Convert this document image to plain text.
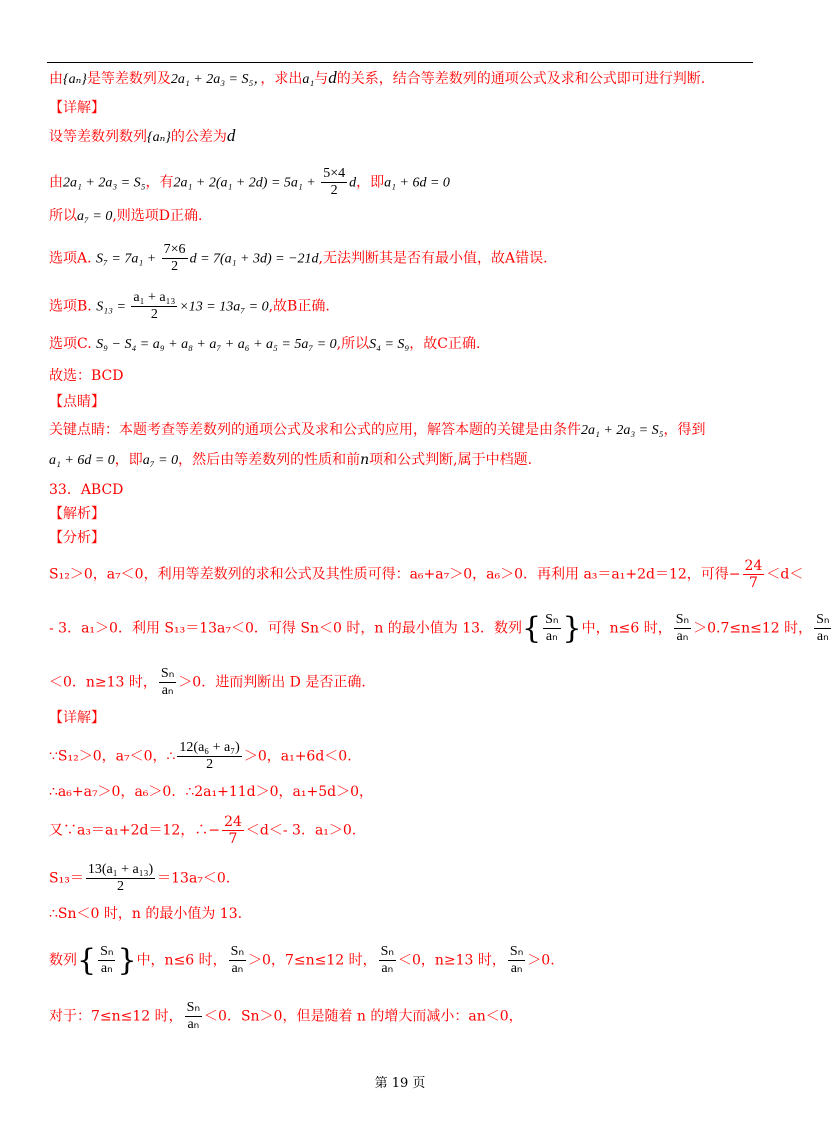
由{aₙ}是等差数列及2a₁ + 2a₃ = S₅，，求出a₁与d的关系，结合等差数列的通项公式及求和公式即可进行判断.
【详解】
设等差数列数列{aₙ}的公差为d
由2a₁ + 2a₃ = S₅，有$2a_1 + 2(a_1 + 2d) = 5a_1 + \frac{5\times 4}{2}$ d，即a₁ + 6d = 0
所以a₇ = 0,则选项D正确.
选项A. $S_7 = 7a_1 + \frac{7\times 6}{2}$ d = 7(a₁ + 3d) = −21d,无法判断其是否有最小值，故A错误.
选项B. $S_{13} = \frac{\text{a₁ + a₁₃}}{2} \times 13 = 13a_7 = 0$,故B正确.
选项C. S₉ − S₄ = a₉ + a₈ + a₇ + a₆ + a₅ = 5a₇ = 0,所以S₄ = S₉，故C正确.
故选：BCD
【点睛】
关键点睛：本题考查等差数列的通项公式及求和公式的应用，解答本题的关键是由条件2a₁ + 2a₃ = S₅，得到
a₁ + 6d = 0，即a₇ = 0，然后由等差数列的性质和前n项和公式判断,属于中档题.
33．ABCD
【解析】
【分析】
S₁₂＞0，a₇＜0，利用等差数列的求和公式及其性质可得：a₆+a₇＞0，a₆＞0．再利用 a₃＝a₁+2d＝12，可得− $\frac{24}{7} <d<$
- 3．a₁＞0．利用 S₁₃＝13a₇＜0．可得 Sn＜0 时，n 的最小值为 13．数列{ $\frac{\text{Sₙ}}{\text{aₙ}}$ }中，n≤6 时， $\frac{\text{Sₙ}}{\text{aₙ}} >0.7\le n\le 12$ 时， $\frac{\text{Sₙ}}{\text{aₙ}}$
＜0．n≥13 时， $\frac{\text{Sₙ}}{\text{aₙ}} >0$．进而判断出 D 是否正确．
【详解】
∵S₁₂＞0，a₇＜0，∴ $\frac{\text{12(a₆ + a₇)}}{2} >0$，a₁+6d＜0.
∴a₆+a₇＞0，a₆＞0．∴2a₁+11d＞0，a₁+5d＞0，
又∵a₃＝a₁+2d＝12，∴− $\frac{24}{7} <d<-$ 3．a₁＞0.
$S_{13}= \frac{\text{13(a₁ + a₁₃)}}{2} =13a_7<0$.
∴Sn＜0 时，n 的最小值为 13.
数列{ $\frac{\text{Sₙ}}{\text{aₙ}}$ }中，n≤6 时， $\frac{\text{Sₙ}}{\text{aₙ}} >0$，7≤n≤12 时， $\frac{\text{Sₙ}}{\text{aₙ}} <0$，n≥13 时， $\frac{\text{Sₙ}}{\text{aₙ}} >0$.
对于：7≤n≤12 时， $\frac{\text{Sₙ}}{\text{aₙ}} <0$．Sn＞0，但是随着 n 的增大而减小：an＜0，
第 19 页
